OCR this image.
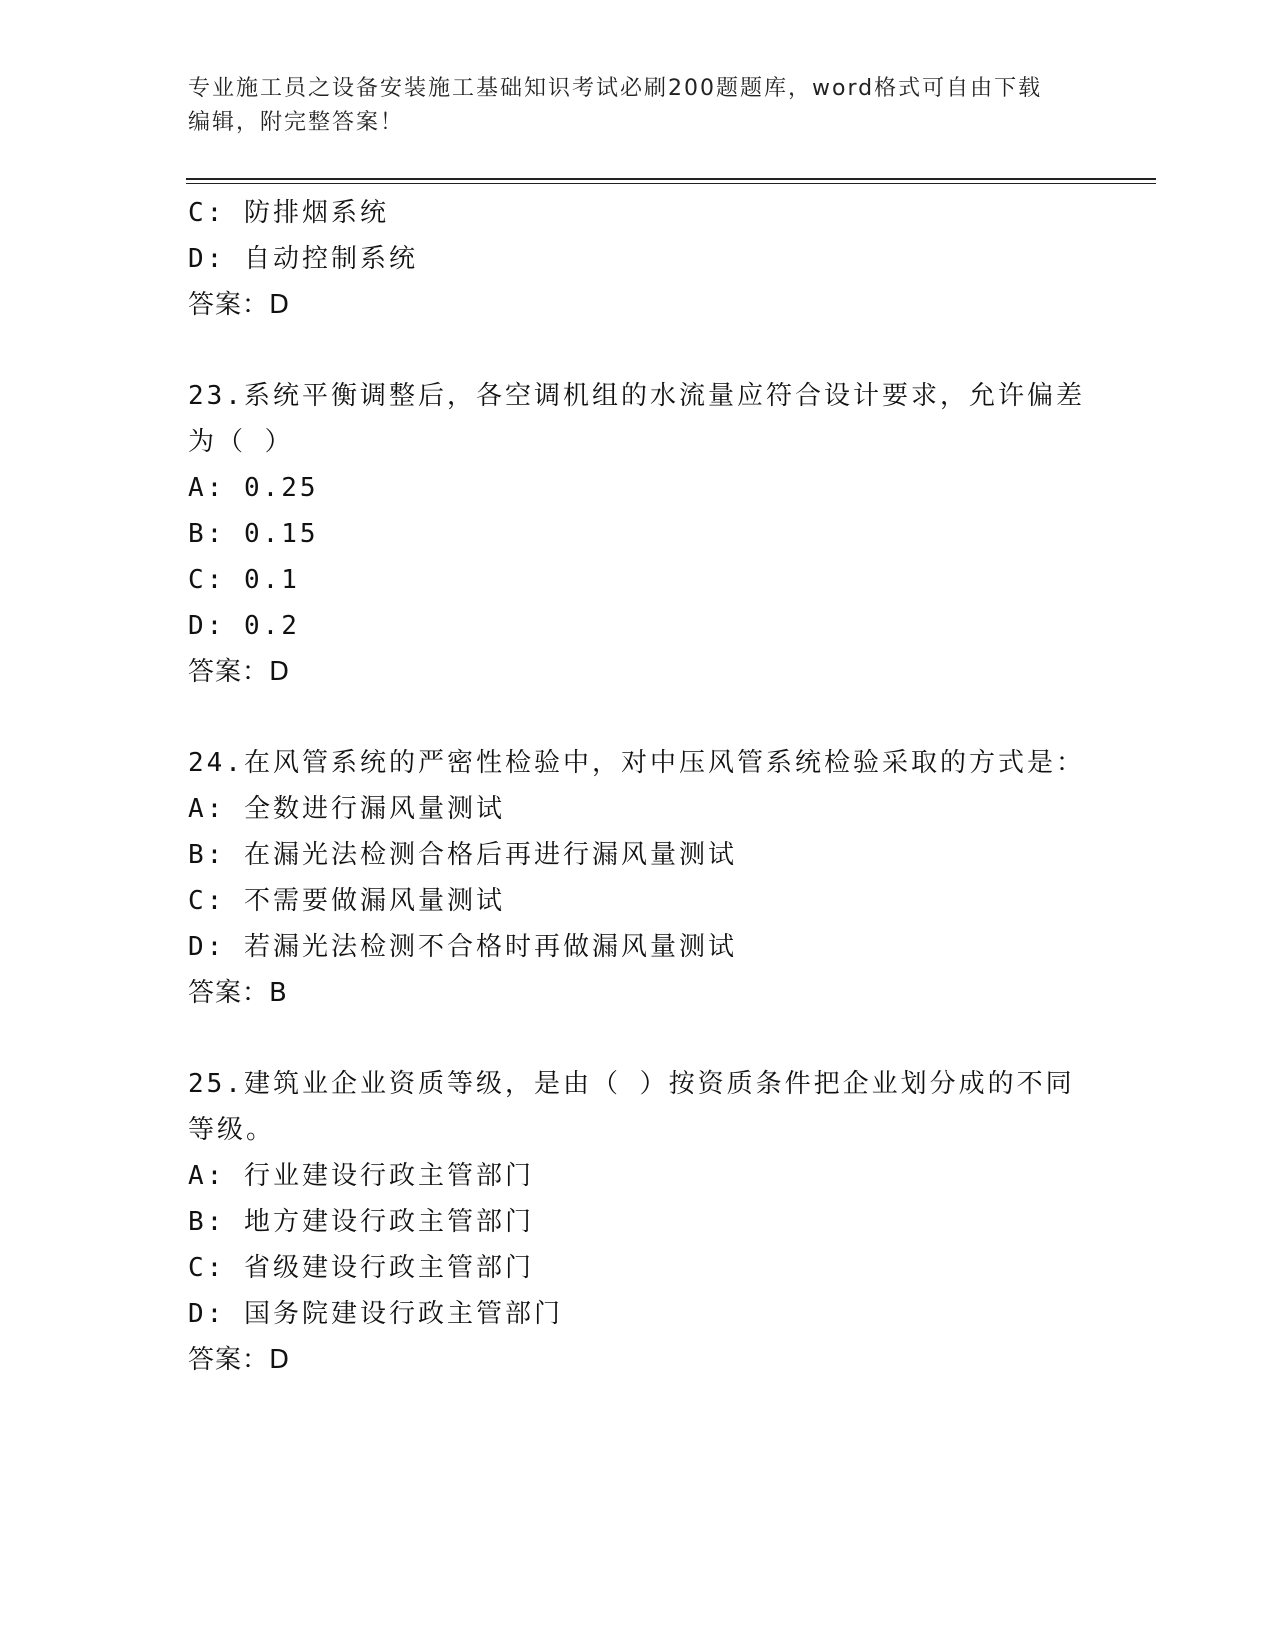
专业施工员之设备安装施工基础知识考试必刷200题题库，word格式可自由下载
编辑，附完整答案！
C: 防排烟系统
D: 自动控制系统
答案：D
23.系统平衡调整后，各空调机组的水流量应符合设计要求，允许偏差
为（ ）
A: 0.25
B: 0.15
C: 0.1
D: 0.2
答案：D
24.在风管系统的严密性检验中，对中压风管系统检验采取的方式是：
A: 全数进行漏风量测试
B: 在漏光法检测合格后再进行漏风量测试
C: 不需要做漏风量测试
D: 若漏光法检测不合格时再做漏风量测试
答案：B
25.建筑业企业资质等级，是由（ ）按资质条件把企业划分成的不同
等级。
A: 行业建设行政主管部门
B: 地方建设行政主管部门
C: 省级建设行政主管部门
D: 国务院建设行政主管部门
答案：D
